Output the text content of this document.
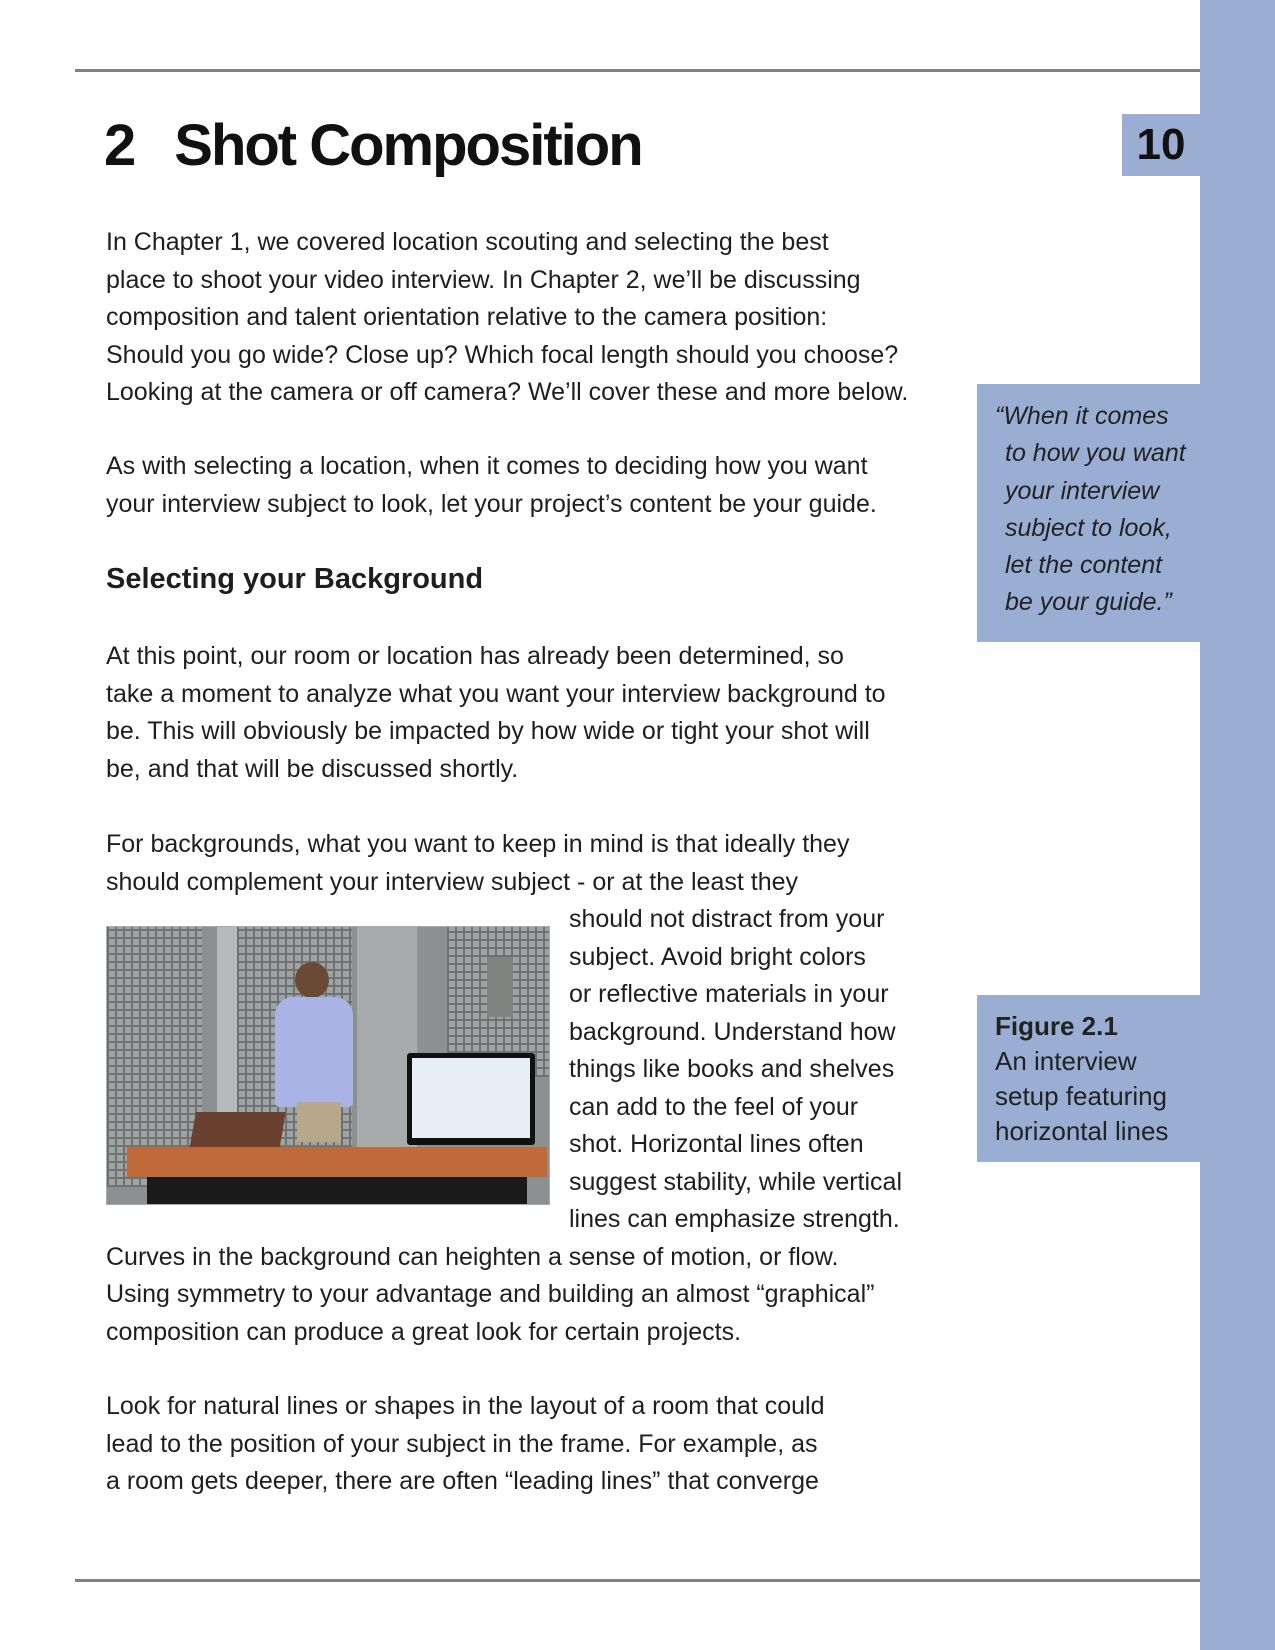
2 Shot Composition	10
In Chapter 1, we covered location scouting and selecting the best
place to shoot your video interview. In Chapter 2, we’ll be discussing
composition and talent orientation relative to the camera position:
Should you go wide? Close up? Which focal length should you choose?
Looking at the camera or off camera? We’ll cover these and more below.
As with selecting a location, when it comes to deciding how you want
your interview subject to look, let your project’s content be your guide.
Selecting your Background
At this point, our room or location has already been determined, so
take a moment to analyze what you want your interview background to
be. This will obviously be impacted by how wide or tight your shot will
be, and that will be discussed shortly.
For backgrounds, what you want to keep in mind is that ideally they
should complement your interview subject - or at the least they
should not distract from your
subject. Avoid bright colors
or reflective materials in your
background. Understand how
things like books and shelves
can add to the feel of your
shot. Horizontal lines often
suggest stability, while vertical
lines can emphasize strength.
Curves in the background can heighten a sense of motion, or flow.
Using symmetry to your advantage and building an almost “graphical”
composition can produce a great look for certain projects.
Look for natural lines or shapes in the layout of a room that could
lead to the position of your subject in the frame. For example, as
a room gets deeper, there are often “leading lines” that converge
“When it comes
to how you want
your interview
subject to look,
let the content
be your guide.”
Figure 2.1
An interview
setup featuring
horizontal lines
